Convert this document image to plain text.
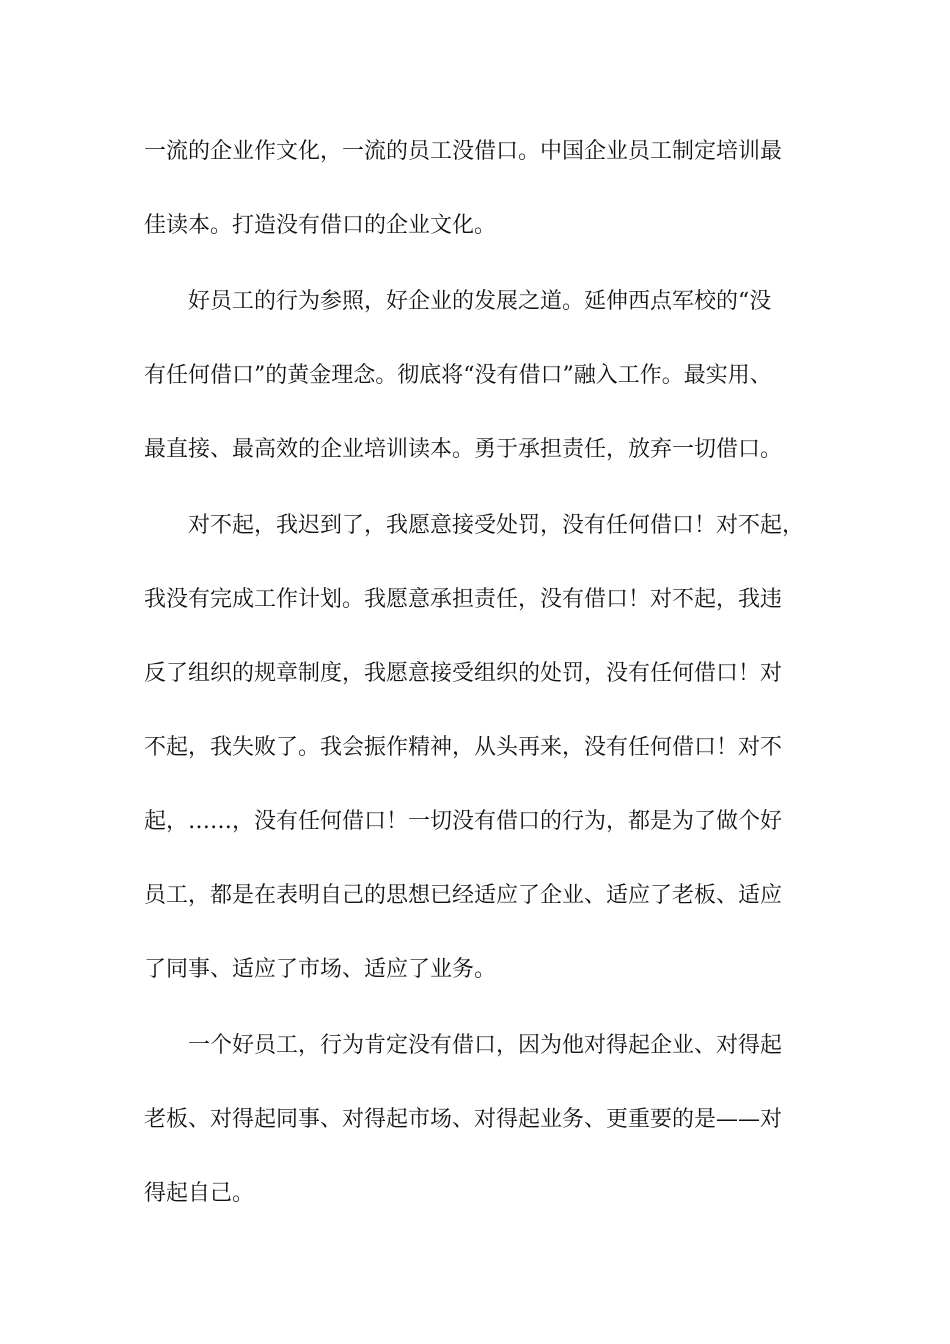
一流的企业作文化，一流的员工没借口。中国企业员工制定培训最
佳读本。打造没有借口的企业文化。
好员工的行为参照，好企业的发展之道。延伸西点军校的“没
有任何借口”的黄金理念。彻底将“没有借口”融入工作。最实用、
最直接、最高效的企业培训读本。勇于承担责任，放弃一切借口。
对不起，我迟到了，我愿意接受处罚，没有任何借口！对不起，
我没有完成工作计划。我愿意承担责任，没有借口！对不起，我违
反了组织的规章制度，我愿意接受组织的处罚，没有任何借口！对
不起，我失败了。我会振作精神，从头再来，没有任何借口！对不
起，……，没有任何借口！一切没有借口的行为，都是为了做个好
员工，都是在表明自己的思想已经适应了企业、适应了老板、适应
了同事、适应了市场、适应了业务。
一个好员工，行为肯定没有借口，因为他对得起企业、对得起
老板、对得起同事、对得起市场、对得起业务、更重要的是——对
得起自己。
